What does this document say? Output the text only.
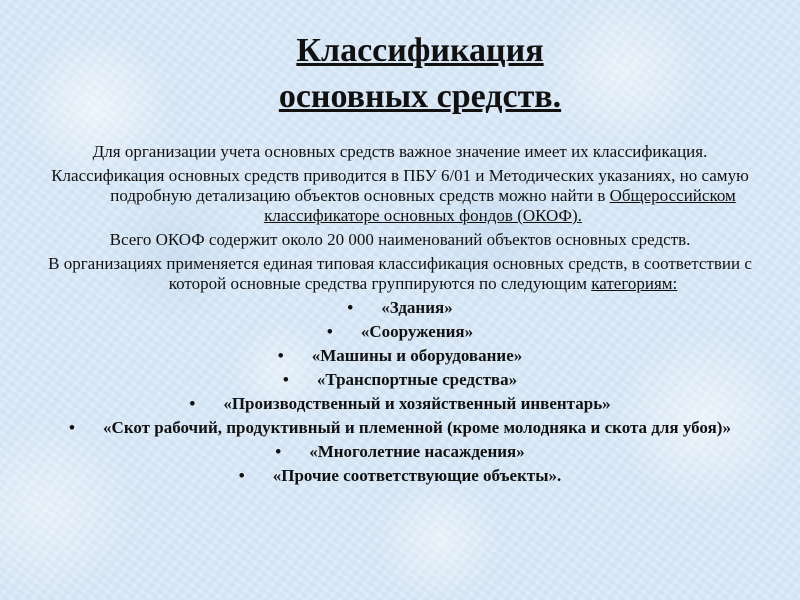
Классификация
основных средств.

Для организации учета основных средств важное значение имеет их классификация.

Классификация основных средств приводится в ПБУ 6/01 и Методических указаниях, но самую подробную детализацию объектов основных средств можно найти в Общероссийском классификаторе основных фондов (ОКОФ).

Всего ОКОФ содержит около 20 000 наименований объектов основных средств.

В организациях применяется единая типовая классификация основных средств, в соответствии с которой основные средства группируются по следующим категориям:

• «Здания»
• «Сооружения»
• «Машины и оборудование»
• «Транспортные средства»
• «Производственный и хозяйственный инвентарь»
• «Скот рабочий, продуктивный и племенной (кроме молодняка и скота для убоя)»
• «Многолетние насаждения»
• «Прочие соответствующие объекты».
